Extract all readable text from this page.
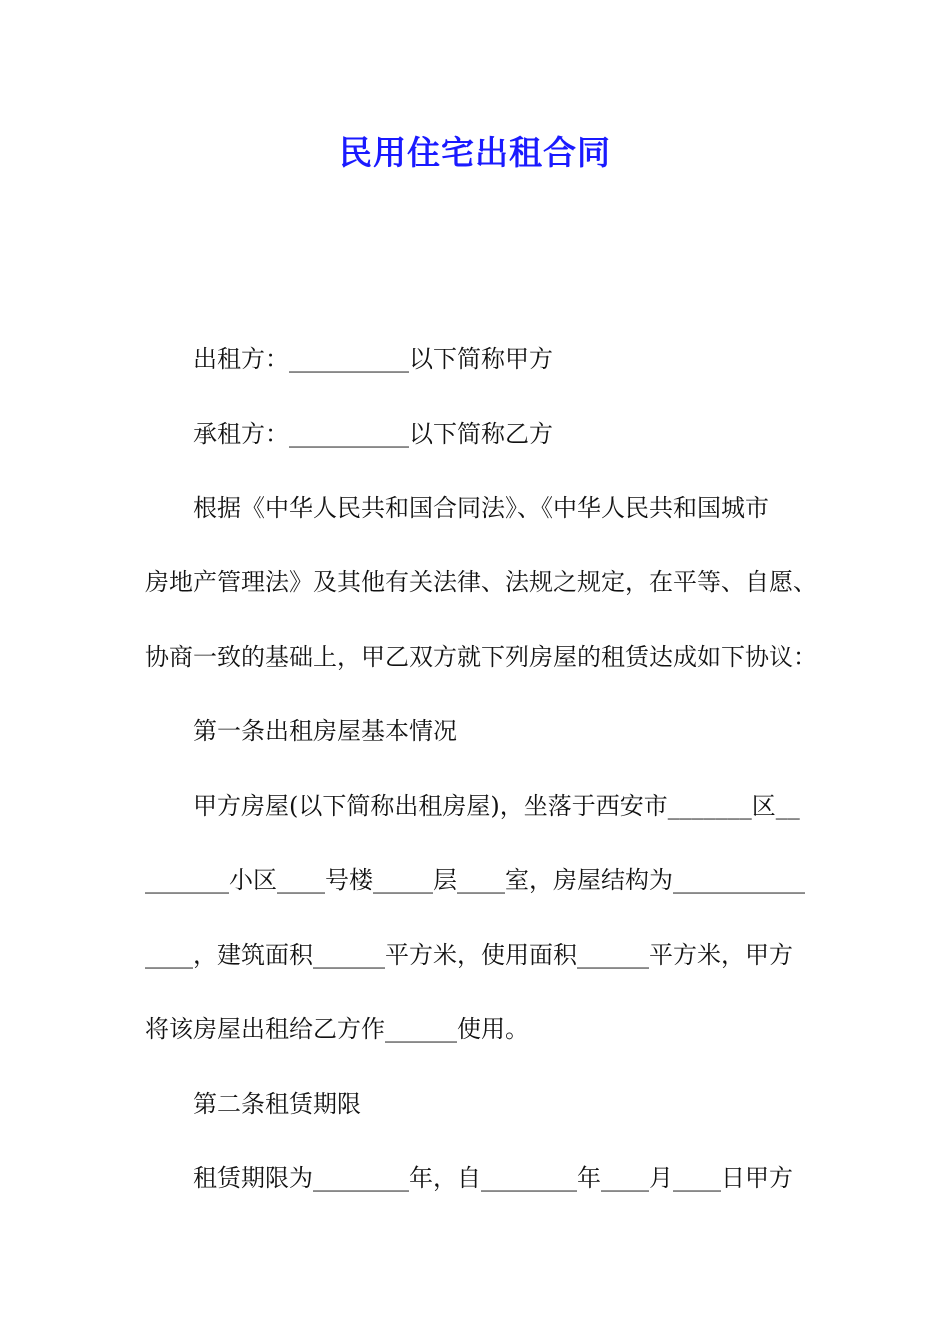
民用住宅出租合同
出租方：__________以下简称甲方
承租方：__________以下简称乙方
根据《中华人民共和国合同法》、《中华人民共和国城市
房地产管理法》及其他有关法律、法规之规定，在平等、自愿、
协商一致的基础上，甲乙双方就下列房屋的租赁达成如下协议：
第一条出租房屋基本情况
甲方房屋(以下简称出租房屋)，坐落于西安市_______区__
_______小区____号楼_____层____室，房屋结构为___________
____，建筑面积______平方米，使用面积______平方米，甲方
将该房屋出租给乙方作______使用。
第二条租赁期限
租赁期限为________年，自________年____月____日甲方
